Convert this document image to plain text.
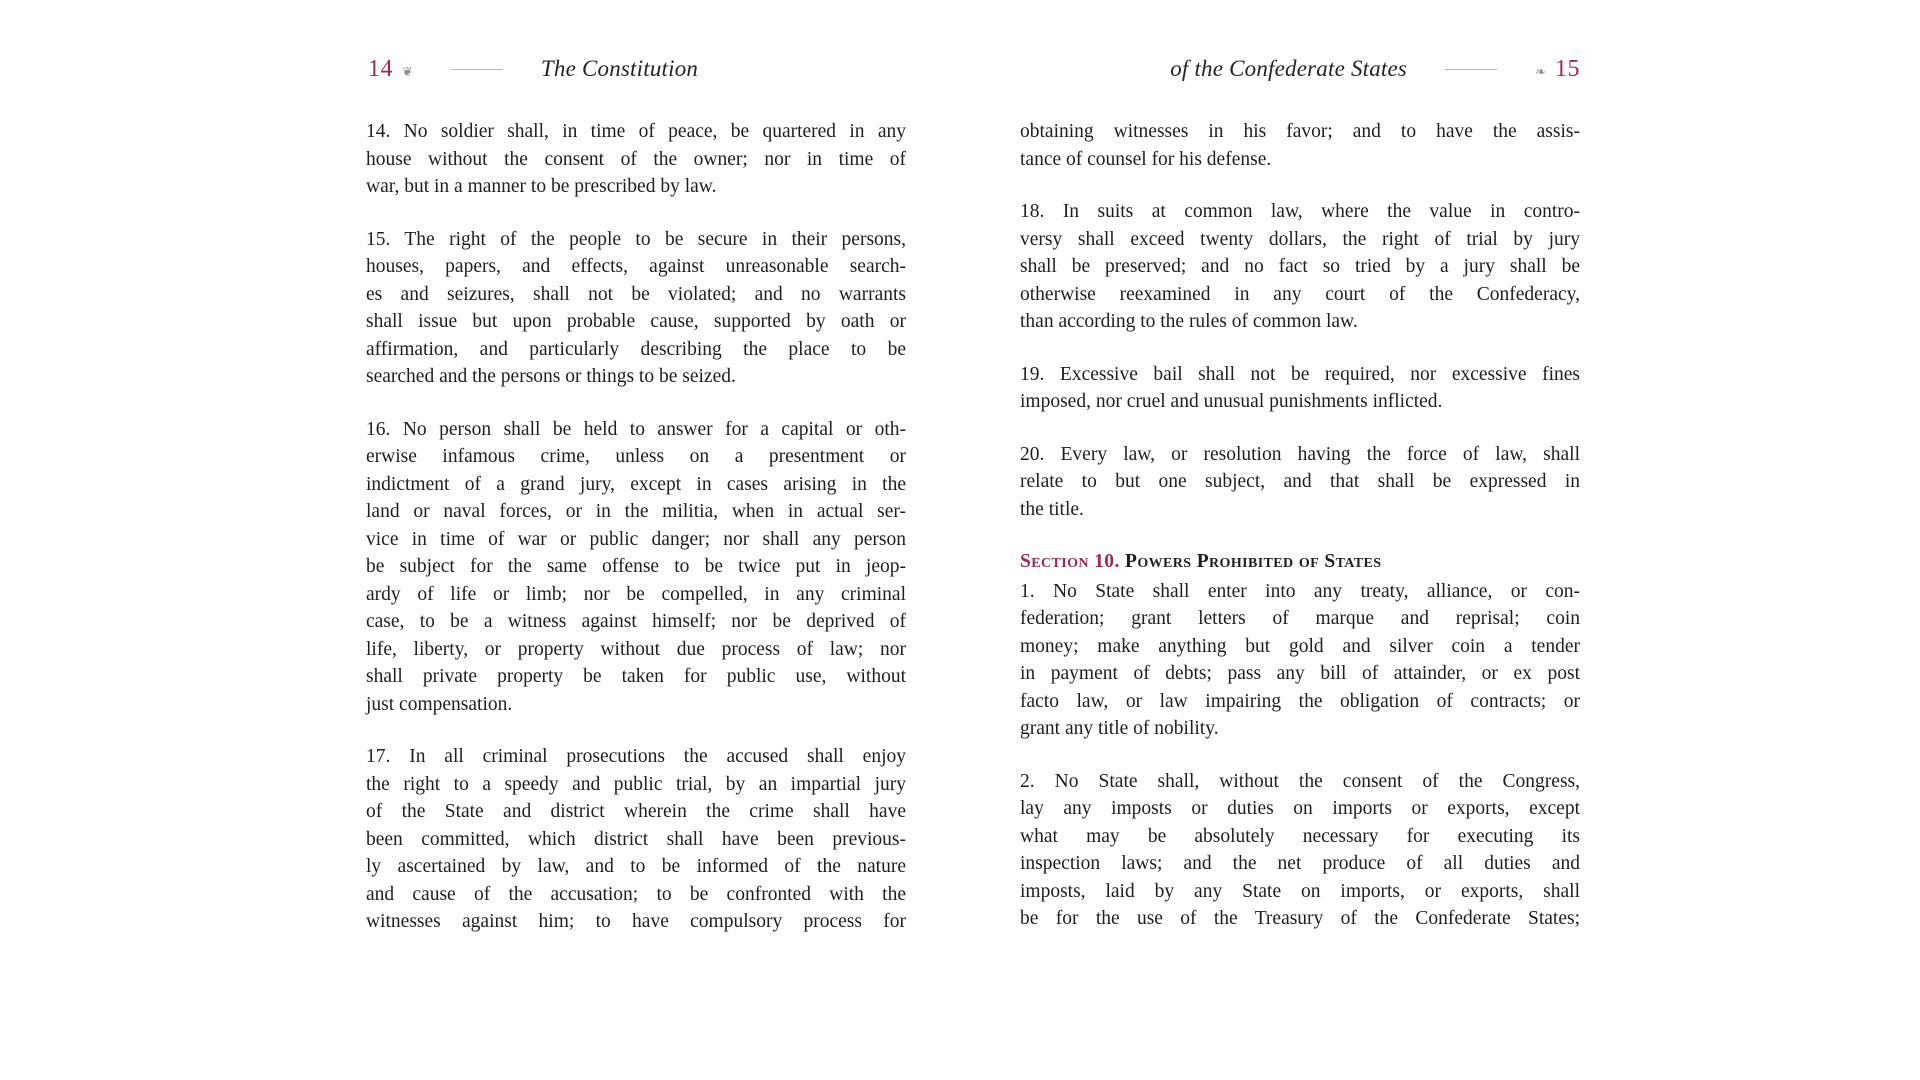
14 ❦	The Constitution	of the Confederate States	❧ 15

14. No soldier shall, in time of peace, be quartered in any
house without the consent of the owner; nor in time of
war, but in a manner to be prescribed by law.

15. The right of the people to be secure in their persons,
houses, papers, and effects, against unreasonable search-
es and seizures, shall not be violated; and no warrants
shall issue but upon probable cause, supported by oath or
affirmation, and particularly describing the place to be
searched and the persons or things to be seized.

16. No person shall be held to answer for a capital or oth-
erwise infamous crime, unless on a presentment or
indictment of a grand jury, except in cases arising in the
land or naval forces, or in the militia, when in actual ser-
vice in time of war or public danger; nor shall any person
be subject for the same offense to be twice put in jeop-
ardy of life or limb; nor be compelled, in any criminal
case, to be a witness against himself; nor be deprived of
life, liberty, or property without due process of law; nor
shall private property be taken for public use, without
just compensation.

17. In all criminal prosecutions the accused shall enjoy
the right to a speedy and public trial, by an impartial jury
of the State and district wherein the crime shall have
been committed, which district shall have been previous-
ly ascertained by law, and to be informed of the nature
and cause of the accusation; to be confronted with the
witnesses against him; to have compulsory process for

obtaining witnesses in his favor; and to have the assis-
tance of counsel for his defense.

18. In suits at common law, where the value in contro-
versy shall exceed twenty dollars, the right of trial by jury
shall be preserved; and no fact so tried by a jury shall be
otherwise reexamined in any court of the Confederacy,
than according to the rules of common law.

19. Excessive bail shall not be required, nor excessive fines
imposed, nor cruel and unusual punishments inflicted.

20. Every law, or resolution having the force of law, shall
relate to but one subject, and that shall be expressed in
the title.

Section 10. Powers Prohibited of States

1. No State shall enter into any treaty, alliance, or con-
federation; grant letters of marque and reprisal; coin
money; make anything but gold and silver coin a tender
in payment of debts; pass any bill of attainder, or ex post
facto law, or law impairing the obligation of contracts; or
grant any title of nobility.

2. No State shall, without the consent of the Congress,
lay any imposts or duties on imports or exports, except
what may be absolutely necessary for executing its
inspection laws; and the net produce of all duties and
imposts, laid by any State on imports, or exports, shall
be for the use of the Treasury of the Confederate States;
